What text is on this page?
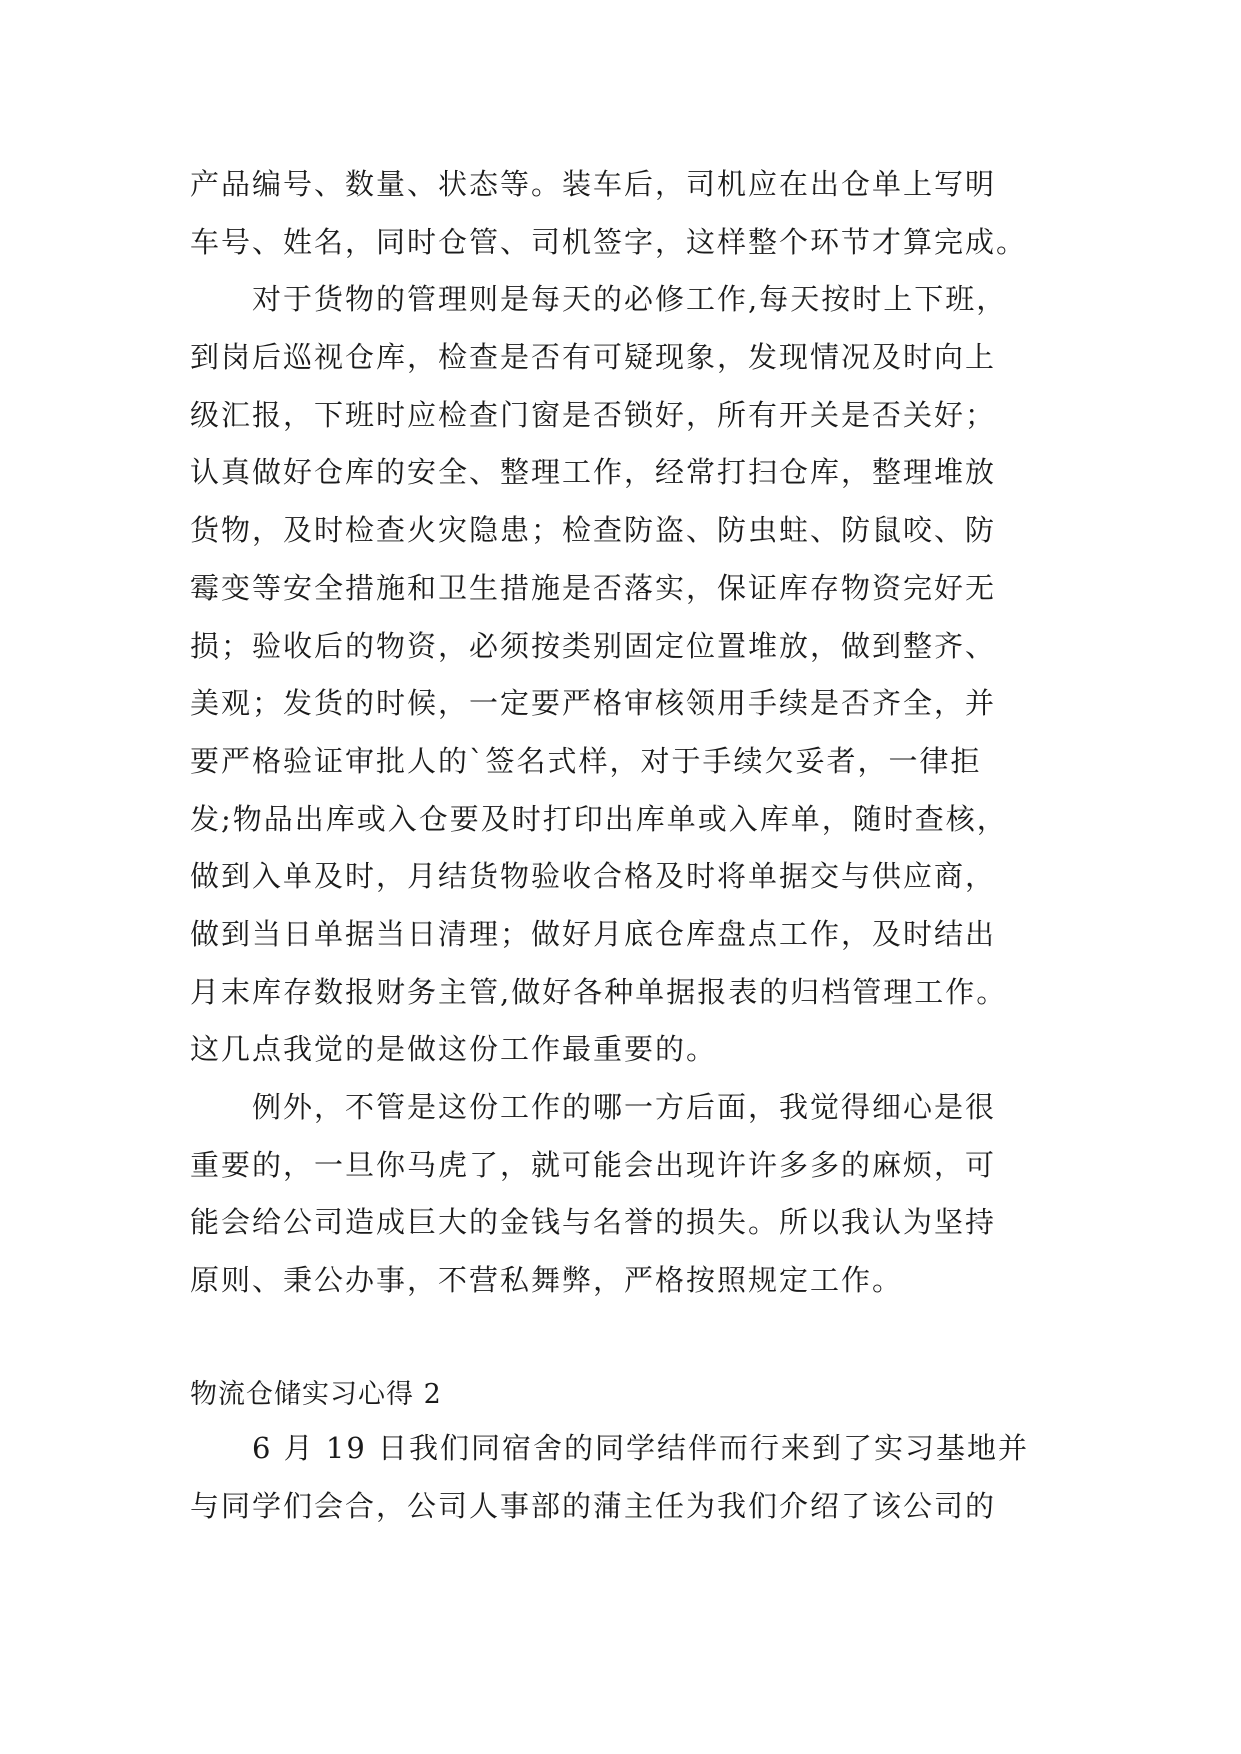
产品编号、数量、状态等。装车后，司机应在出仓单上写明
车号、姓名，同时仓管、司机签字，这样整个环节才算完成。
　　对于货物的管理则是每天的必修工作,每天按时上下班，
到岗后巡视仓库，检查是否有可疑现象，发现情况及时向上
级汇报，下班时应检查门窗是否锁好，所有开关是否关好；
认真做好仓库的安全、整理工作，经常打扫仓库，整理堆放
货物，及时检查火灾隐患；检查防盗、防虫蛀、防鼠咬、防
霉变等安全措施和卫生措施是否落实，保证库存物资完好无
损；验收后的物资，必须按类别固定位置堆放，做到整齐、
美观；发货的时候，一定要严格审核领用手续是否齐全，并
要严格验证审批人的`签名式样，对于手续欠妥者，一律拒
发;物品出库或入仓要及时打印出库单或入库单，随时查核，
做到入单及时，月结货物验收合格及时将单据交与供应商，
做到当日单据当日清理；做好月底仓库盘点工作，及时结出
月末库存数报财务主管,做好各种单据报表的归档管理工作。
这几点我觉的是做这份工作最重要的。
　　例外，不管是这份工作的哪一方后面，我觉得细心是很
重要的，一旦你马虎了，就可能会出现许许多多的麻烦，可
能会给公司造成巨大的金钱与名誉的损失。所以我认为坚持
原则、秉公办事，不营私舞弊，严格按照规定工作。
物流仓储实习心得 2
　　6 月 19 日我们同宿舍的同学结伴而行来到了实习基地并
与同学们会合，公司人事部的蒲主任为我们介绍了该公司的
